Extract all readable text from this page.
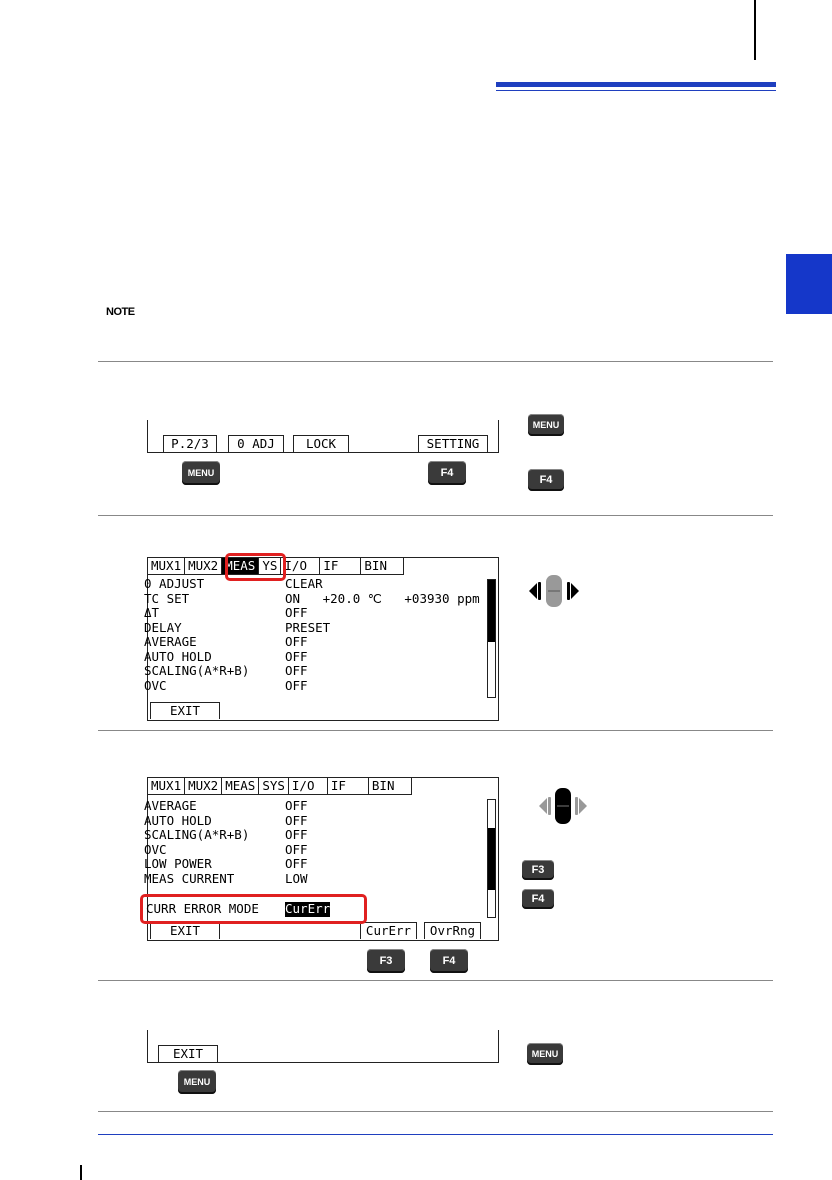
NOTE
P.2/3	0 ADJ	LOCK	SETTING
MENU	F4
MENU
F4
MUX1 MUX2 MEAS YS I/O	IF	BIN
0 ADJUST	CLEAR
TC SET	ON   +20.0 ℃   +03930 ppm
ΔT	OFF
DELAY	PRESET
AVERAGE	OFF
AUTO HOLD	OFF
SCALING(A*R+B)	OFF
OVC	OFF
EXIT
MUX1 MUX2 MEAS SYS I/O	IF	BIN
AVERAGE	OFF
AUTO HOLD	OFF
SCALING(A*R+B)	OFF
OVC	OFF
LOW POWER	OFF
MEAS CURRENT	LOW
CURR ERROR MODE CurErr
EXIT	CurErr	OvrRng
F3	F4
F3
F4
EXIT
MENU
MENU
